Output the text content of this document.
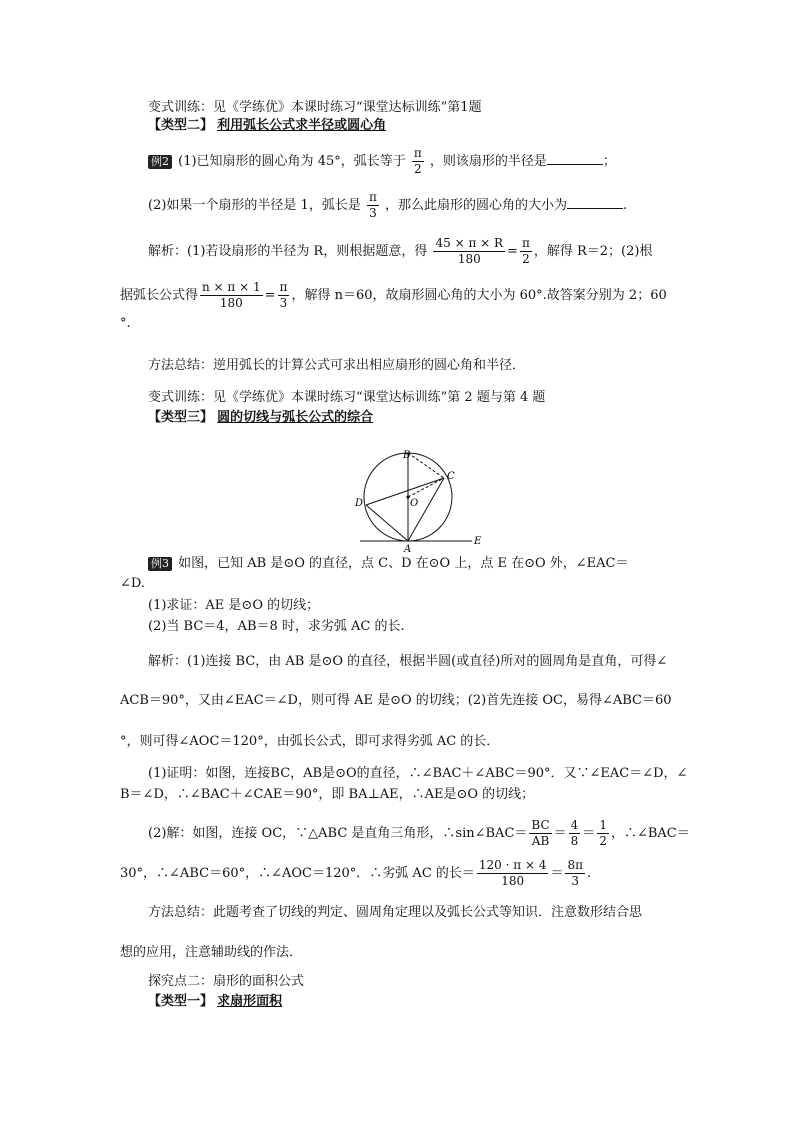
变式训练：见《学练优》本课时练习“课堂达标训练”第1题
【类型二】 利用弧长公式求半径或圆心角
例2 (1)已知扇形的圆心角为 45°，弧长等于 $\frac{\pi}{2}$ ，则该扇形的半径是	；
(2)如果一个扇形的半径是 1，弧长是 $\frac{\pi}{3}$ ，那么此扇形的圆心角的大小为	.
解析：(1)若设扇形的半径为 R，则根据题意，得 $\frac{45 \times \pi \times R}{180} = \frac{\pi}{2}$ ，解得 R＝2；(2)根
据弧长公式得 $\frac{n \times \pi \times 1}{180} = \frac{\pi}{3}$ ，解得 n＝60，故扇形圆心角的大小为 60°.故答案分别为 2；60
°.
方法总结：逆用弧长的计算公式可求出相应扇形的圆心角和半径．
变式训练：见《学练优》本课时练习“课堂达标训练”第 2 题与第 4 题
【类型三】 圆的切线与弧长公式的综合
B
C
D	O
A
E
例3 如图，已知 AB 是⊙O 的直径，点 C、D 在⊙O 上，点 E 在⊙O 外，∠EAC＝
∠D.
(1)求证：AE 是⊙O 的切线；
(2)当 BC＝4，AB＝8 时，求劣弧 AC 的长.
解析：(1)连接 BC，由 AB 是⊙O 的直径，根据半圆(或直径)所对的圆周角是直角，可得∠
ACB＝90°，又由∠EAC＝∠D，则可得 AE 是⊙O 的切线；(2)首先连接 OC，易得∠ABC＝60
°，则可得∠AOC＝120°，由弧长公式，即可求得劣弧 AC 的长．
(1)证明：如图，连接BC，AB是⊙O的直径，∴∠BAC＋∠ABC＝90°．又∵∠EAC＝∠D，∠
B＝∠D，∴∠BAC＋∠CAE＝90°，即 BA⊥AE，∴AE是⊙O 的切线；
(2)解：如图，连接 OC，∵△ABC 是直角三角形，∴sin∠BAC＝ $\frac{BC}{AB} = \frac{4}{8} = \frac{1}{2}$ ，∴∠BAC＝
30°，∴∠ABC＝60°，∴∠AOC＝120°．∴劣弧 AC 的长＝ $\frac{120 \cdot \pi \times 4}{180} = \frac{8\pi}{3}$ .
方法总结：此题考查了切线的判定、圆周角定理以及弧长公式等知识．注意数形结合思
想的应用，注意辅助线的作法．
探究点二：扇形的面积公式
【类型一】 求扇形面积
